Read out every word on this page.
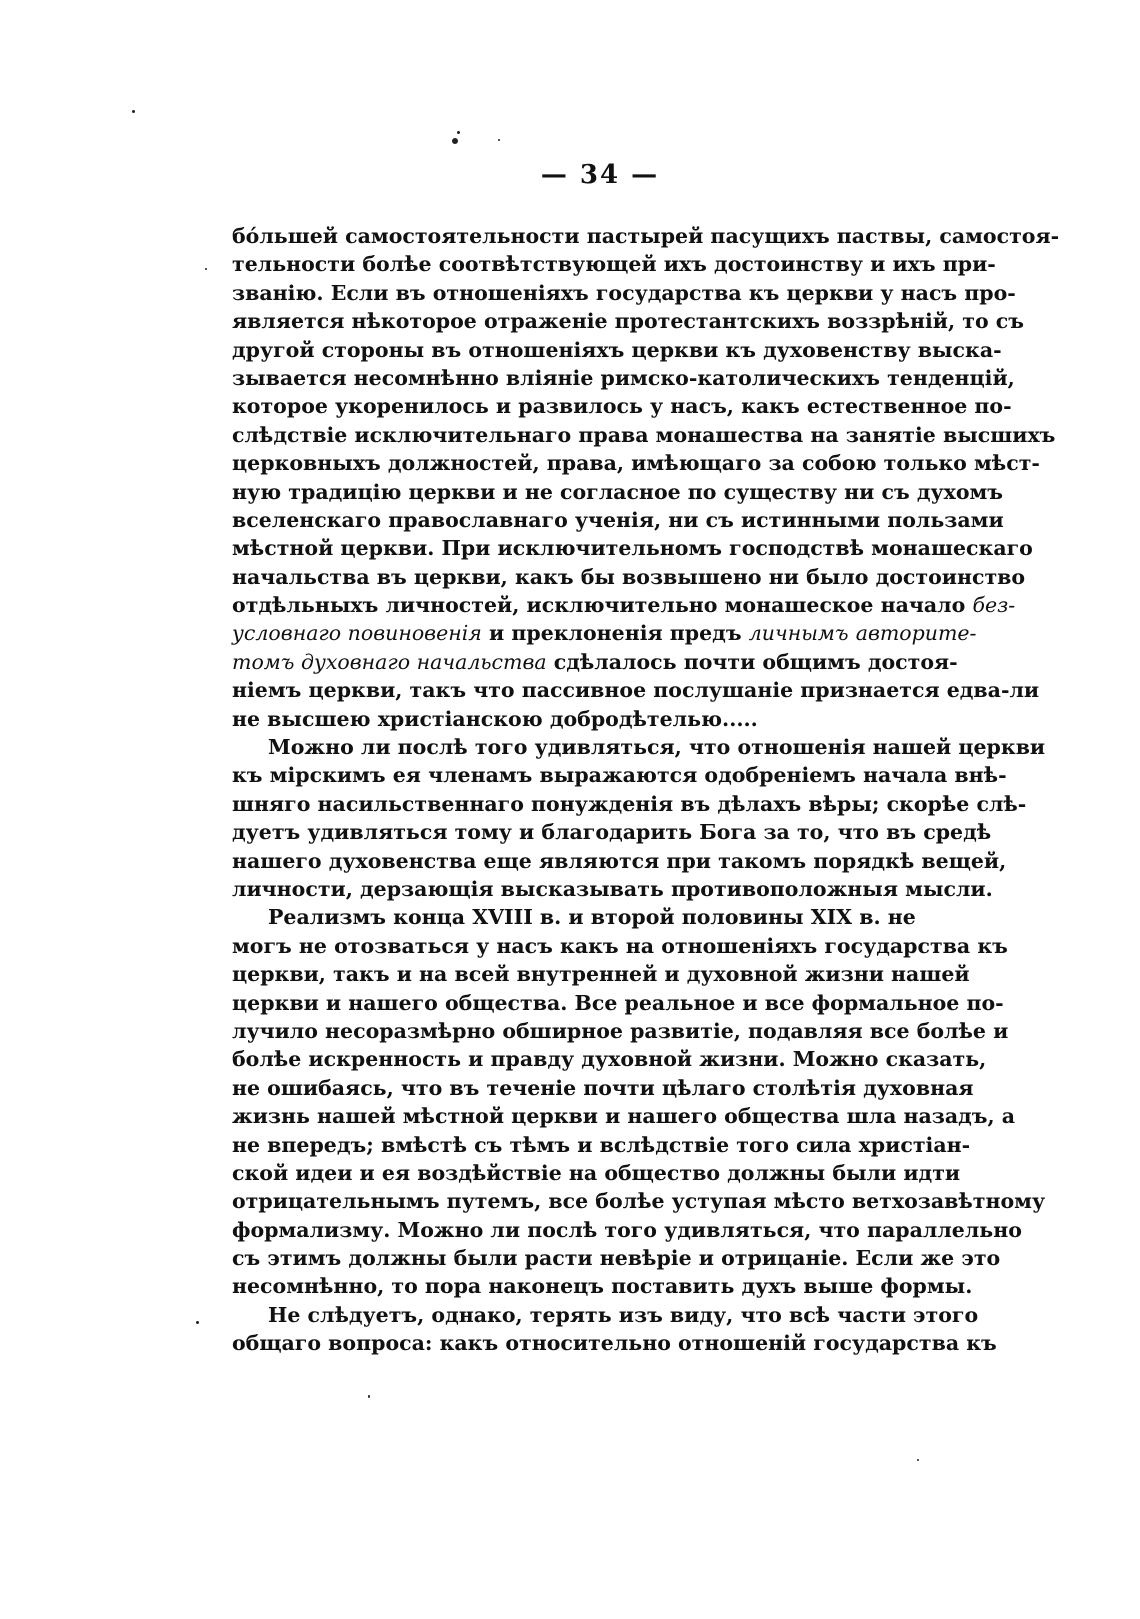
— 34 —
бо́льшей самостоятельности пастырей пасущихъ паствы, самостоя-
тельности болѣе соотвѣтствующей ихъ достоинству и ихъ при-
званію. Если въ отношеніяхъ государства къ церкви у насъ про-
является нѣкоторое отраженіе протестантскихъ воззрѣній, то съ
другой стороны въ отношеніяхъ церкви къ духовенству выска-
зывается несомнѣнно вліяніе римско-католическихъ тенденцій,
которое укоренилось и развилось у насъ, какъ естественное по-
слѣдствіе исключительнаго права монашества на занятіе высшихъ
церковныхъ должностей, права, имѣющаго за собою только мѣст-
ную традицію церкви и не согласное по существу ни съ духомъ
вселенскаго православнаго ученія, ни съ истинными пользами
мѣстной церкви. При исключительномъ господствѣ монашескаго
начальства въ церкви, какъ бы возвышено ни было достоинство
отдѣльныхъ личностей, исключительно монашеское начало без-
условнаго повиновенія и преклоненія предъ личнымъ авторите-
томъ духовнаго начальства сдѣлалось почти общимъ достоя-
ніемъ церкви, такъ что пассивное послушаніе признается едва-ли
не высшею христіанскою добродѣтелью.....
Можно ли послѣ того удивляться, что отношенія нашей церкви
къ мірскимъ ея членамъ выражаются одобреніемъ начала внѣ-
шняго насильственнаго понужденія въ дѣлахъ вѣры; скорѣе слѣ-
дуетъ удивляться тому и благодарить Бога за то, что въ средѣ
нашего духовенства еще являются при такомъ порядкѣ вещей,
личности, дерзающія высказывать противоположныя мысли.
Реализмъ конца XVIII в. и второй половины XIX в. не
могъ не отозваться у насъ какъ на отношеніяхъ государства къ
церкви, такъ и на всей внутренней и духовной жизни нашей
церкви и нашего общества. Все реальное и все формальное по-
лучило несоразмѣрно обширное развитіе, подавляя все болѣе и
болѣе искренность и правду духовной жизни. Можно сказать,
не ошибаясь, что въ теченіе почти цѣлаго столѣтія духовная
жизнь нашей мѣстной церкви и нашего общества шла назадъ, а
не впередъ; вмѣстѣ съ тѣмъ и вслѣдствіе того сила христіан-
ской идеи и ея воздѣйствіе на общество должны были идти
отрицательнымъ путемъ, все болѣе уступая мѣсто ветхозавѣтному
формализму. Можно ли послѣ того удивляться, что параллельно
съ этимъ должны были расти невѣріе и отрицаніе. Если же это
несомнѣнно, то пора наконецъ поставить духъ выше формы.
Не слѣдуетъ, однако, терять изъ виду, что всѣ части этого
общаго вопроса: какъ относительно отношеній государства къ
